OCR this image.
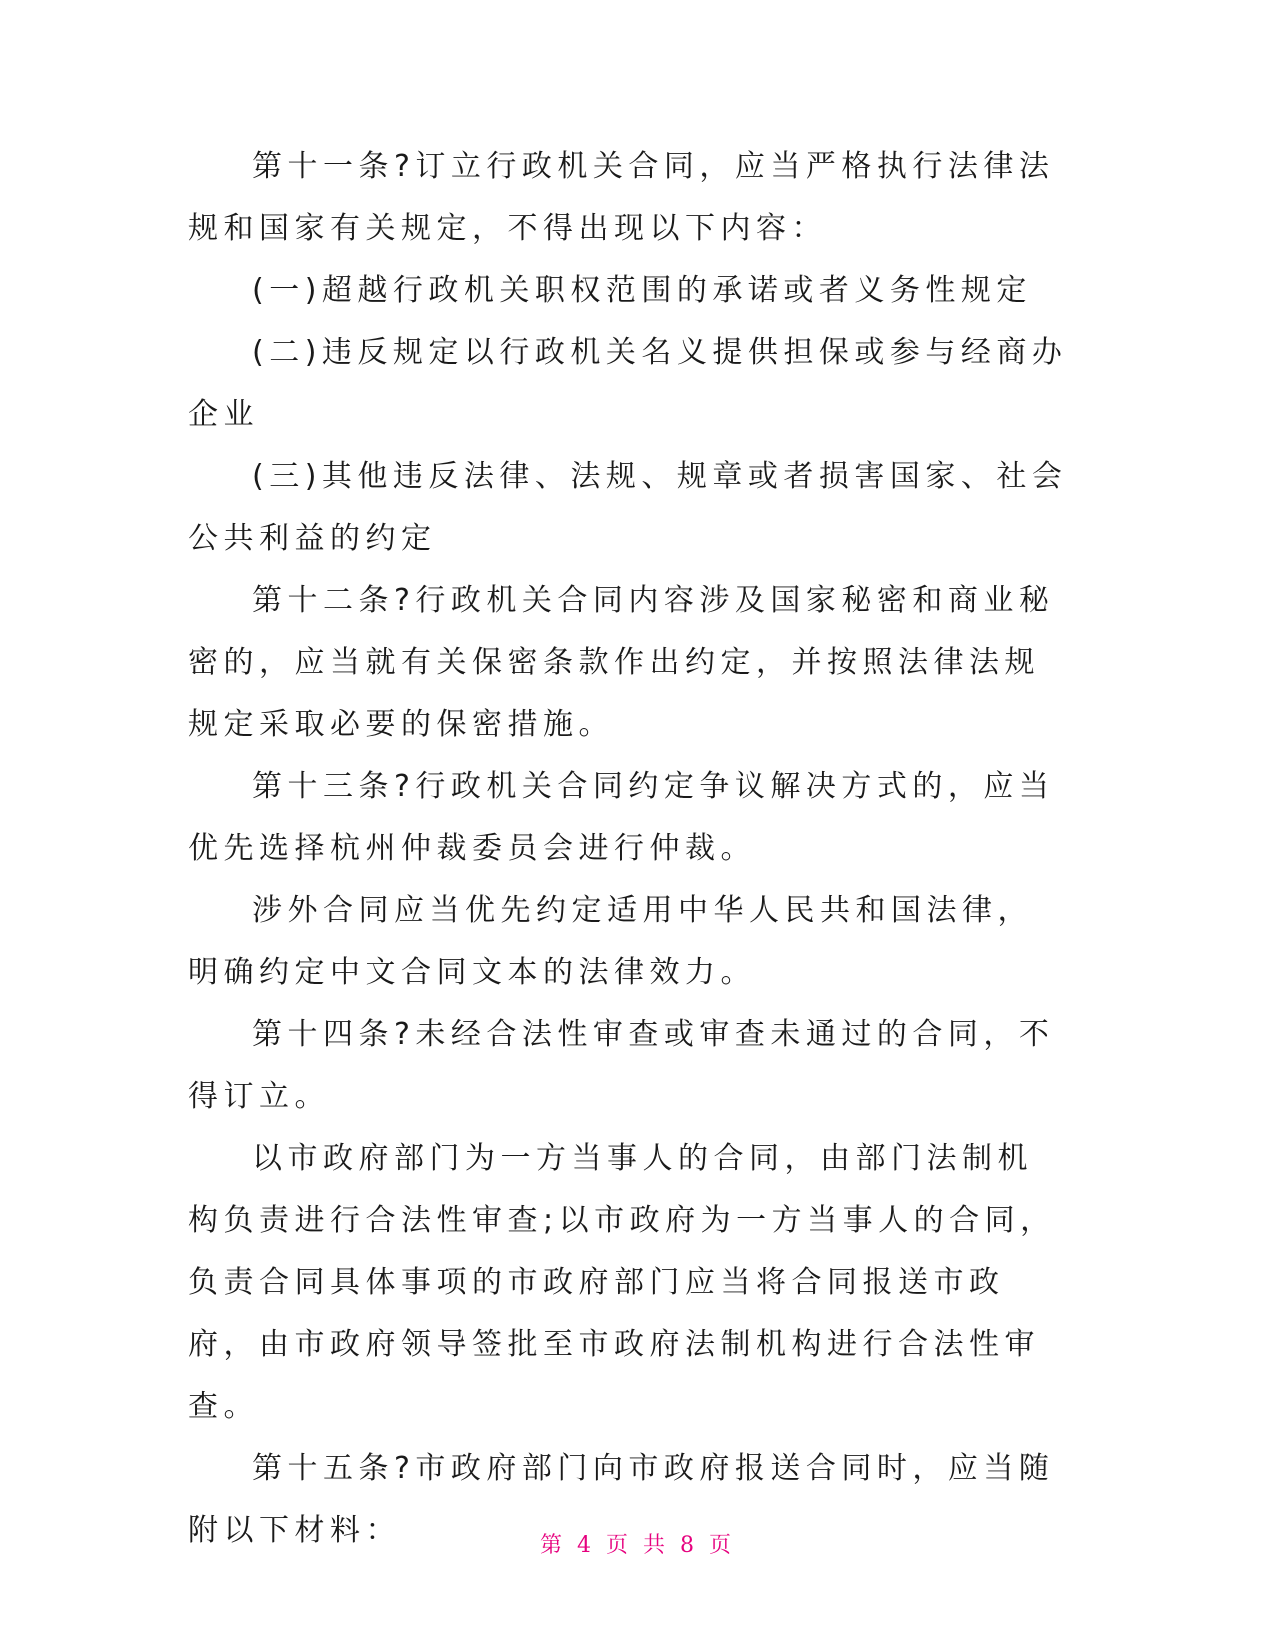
第十一条?订立行政机关合同，应当严格执行法律法规和国家有关规定，不得出现以下内容：

(一)超越行政机关职权范围的承诺或者义务性规定

(二)违反规定以行政机关名义提供担保或参与经商办企业

(三)其他违反法律、法规、规章或者损害国家、社会公共利益的约定

第十二条?行政机关合同内容涉及国家秘密和商业秘密的，应当就有关保密条款作出约定，并按照法律法规规定采取必要的保密措施。

第十三条?行政机关合同约定争议解决方式的，应当优先选择杭州仲裁委员会进行仲裁。

涉外合同应当优先约定适用中华人民共和国法律，明确约定中文合同文本的法律效力。

第十四条?未经合法性审查或审查未通过的合同，不得订立。

以市政府部门为一方当事人的合同，由部门法制机构负责进行合法性审查;以市政府为一方当事人的合同，负责合同具体事项的市政府部门应当将合同报送市政府，由市政府领导签批至市政府法制机构进行合法性审查。

第十五条?市政府部门向市政府报送合同时，应当随附以下材料：	第 4 页 共 8 页
